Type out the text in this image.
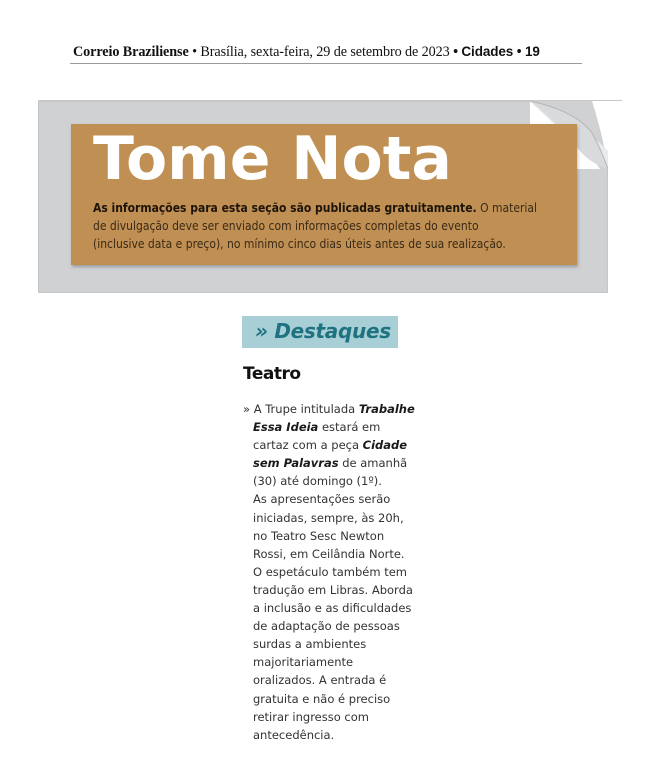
Correio Braziliense • Brasília, sexta-feira, 29 de setembro de 2023 • Cidades • 19
Tome Nota
As informações para esta seção são publicadas gratuitamente. O material
de divulgação deve ser enviado com informações completas do evento
(inclusive data e preço), no mínimo cinco dias úteis antes de sua realização.
» Destaques
Teatro
» A Trupe intitulada Trabalhe
Essa Ideia estará em
cartaz com a peça Cidade
sem Palavras de amanhã
(30) até domingo (1º).
As apresentações serão
iniciadas, sempre, às 20h,
no Teatro Sesc Newton
Rossi, em Ceilândia Norte.
O espetáculo também tem
tradução em Libras. Aborda
a inclusão e as dificuldades
de adaptação de pessoas
surdas a ambientes
majoritariamente
oralizados. A entrada é
gratuita e não é preciso
retirar ingresso com
antecedência.
